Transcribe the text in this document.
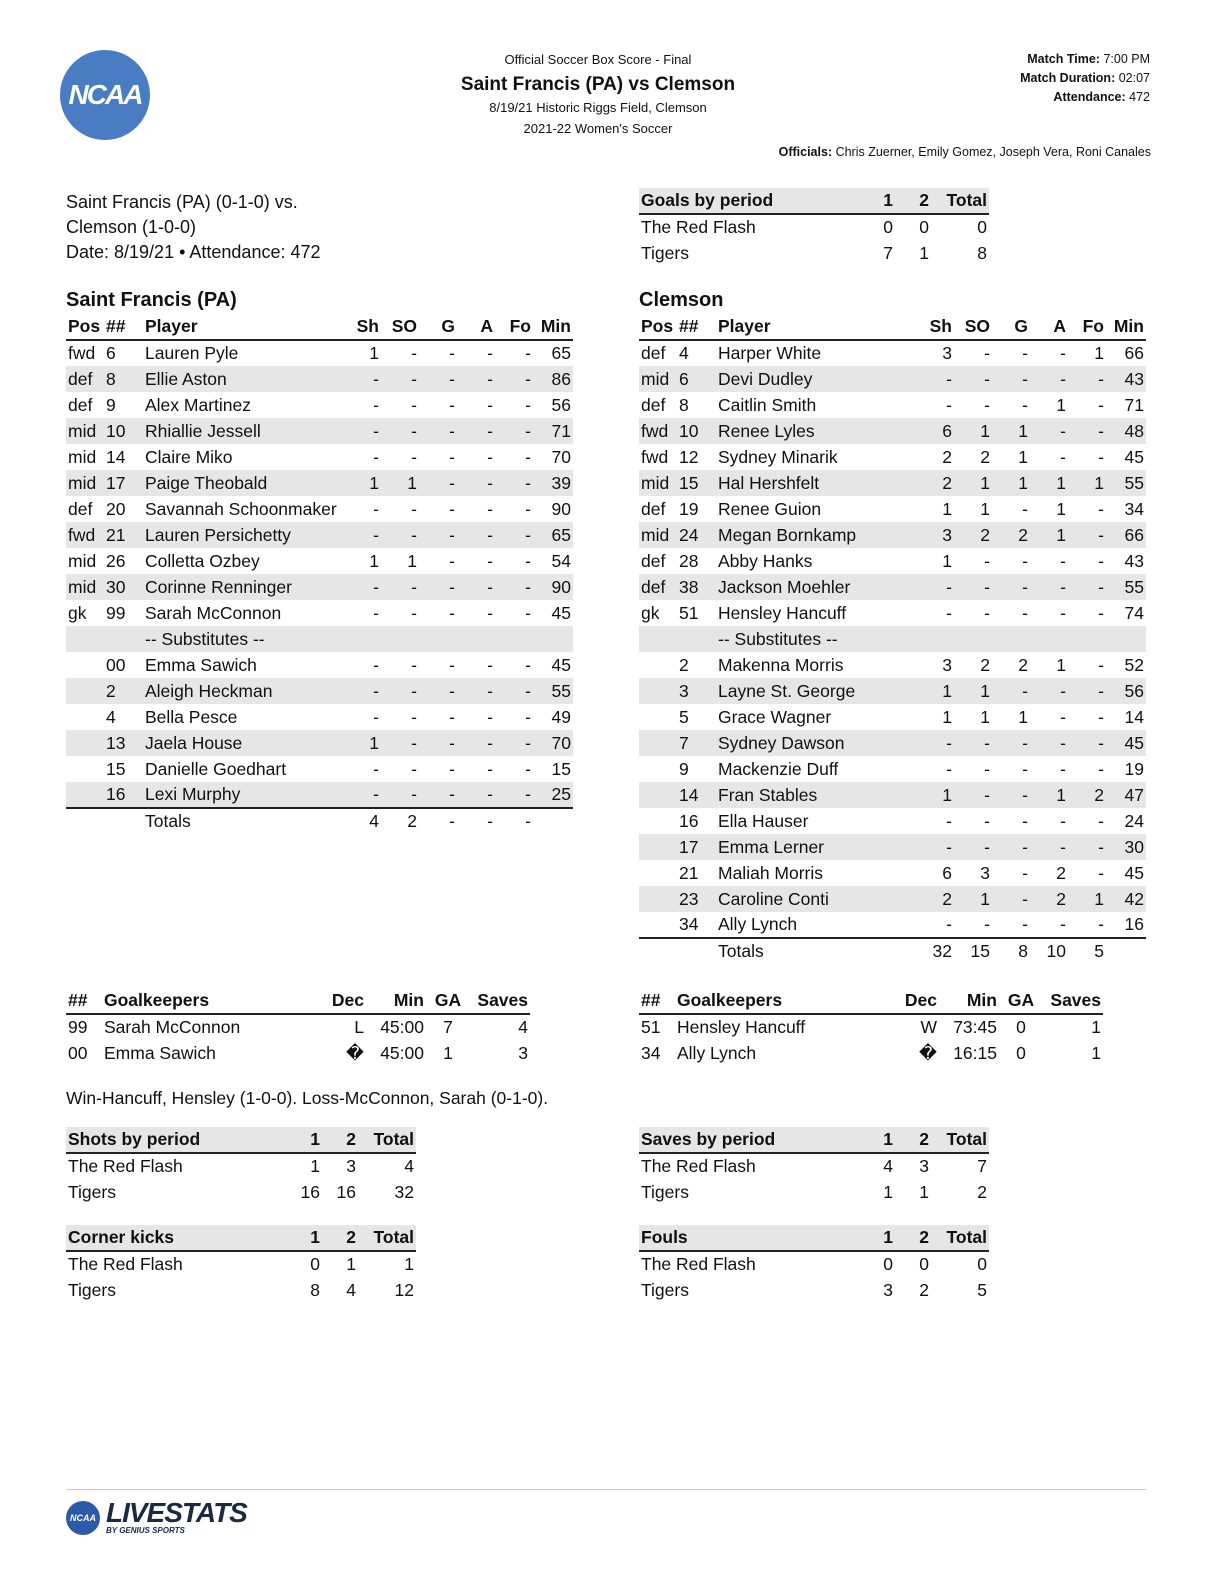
NCAA
Official Soccer Box Score - Final
Saint Francis (PA) vs Clemson
8/19/21 Historic Riggs Field, Clemson
2021-22 Women's Soccer
Match Time: 7:00 PM
Match Duration: 02:07
Attendance: 472
Officials: Chris Zuerner, Emily Gomez, Joseph Vera, Roni Canales
Saint Francis (PA) (0-1-0) vs.
Clemson (1-0-0)
Date: 8/19/21 • Attendance: 472
Goals by period	1	2	Total
The Red Flash	0	0	0
Tigers	7	1	8
Saint Francis (PA)
Pos	##	Player	Sh	SO	G	A	Fo	Min
fwd	6	Lauren Pyle	1	-	-	-	-	65
def	8	Ellie Aston	-	-	-	-	-	86
def	9	Alex Martinez	-	-	-	-	-	56
mid	10	Rhiallie Jessell	-	-	-	-	-	71
mid	14	Claire Miko	-	-	-	-	-	70
mid	17	Paige Theobald	1	1	-	-	-	39
def	20	Savannah Schoonmaker	-	-	-	-	-	90
fwd	21	Lauren Persichetty	-	-	-	-	-	65
mid	26	Colletta Ozbey	1	1	-	-	-	54
mid	30	Corinne Renninger	-	-	-	-	-	90
gk	99	Sarah McConnon	-	-	-	-	-	45
		-- Substitutes --						
	00	Emma Sawich	-	-	-	-	-	45
	2	Aleigh Heckman	-	-	-	-	-	55
	4	Bella Pesce	-	-	-	-	-	49
	13	Jaela House	1	-	-	-	-	70
	15	Danielle Goedhart	-	-	-	-	-	15
	16	Lexi Murphy	-	-	-	-	-	25
		Totals	4	2	-	-	-	
Clemson
Pos	##	Player	Sh	SO	G	A	Fo	Min
def	4	Harper White	3	-	-	-	1	66
mid	6	Devi Dudley	-	-	-	-	-	43
def	8	Caitlin Smith	-	-	-	1	-	71
fwd	10	Renee Lyles	6	1	1	-	-	48
fwd	12	Sydney Minarik	2	2	1	-	-	45
mid	15	Hal Hershfelt	2	1	1	1	1	55
def	19	Renee Guion	1	1	-	1	-	34
mid	24	Megan Bornkamp	3	2	2	1	-	66
def	28	Abby Hanks	1	-	-	-	-	43
def	38	Jackson Moehler	-	-	-	-	-	55
gk	51	Hensley Hancuff	-	-	-	-	-	74
		-- Substitutes --						
	2	Makenna Morris	3	2	2	1	-	52
	3	Layne St. George	1	1	-	-	-	56
	5	Grace Wagner	1	1	1	-	-	14
	7	Sydney Dawson	-	-	-	-	-	45
	9	Mackenzie Duff	-	-	-	-	-	19
	14	Fran Stables	1	-	-	1	2	47
	16	Ella Hauser	-	-	-	-	-	24
	17	Emma Lerner	-	-	-	-	-	30
	21	Maliah Morris	6	3	-	2	-	45
	23	Caroline Conti	2	1	-	2	1	42
	34	Ally Lynch	-	-	-	-	-	16
		Totals	32	15	8	10	5	
##	Goalkeepers	Dec	Min	GA	Saves
99	Sarah McConnon	L	45:00	7	4
00	Emma Sawich	�	45:00	1	3
##	Goalkeepers	Dec	Min	GA	Saves
51	Hensley Hancuff	W	73:45	0	1
34	Ally Lynch	�	16:15	0	1
Win-Hancuff, Hensley (1-0-0). Loss-McConnon, Sarah (0-1-0).
Shots by period	1	2	Total
The Red Flash	1	3	4
Tigers	16	16	32
Saves by period	1	2	Total
The Red Flash	4	3	7
Tigers	1	1	2
Corner kicks	1	2	Total
The Red Flash	0	1	1
Tigers	8	4	12
Fouls	1	2	Total
The Red Flash	0	0	0
Tigers	3	2	5
NCAA LIVESTATS
BY GENIUS SPORTS
